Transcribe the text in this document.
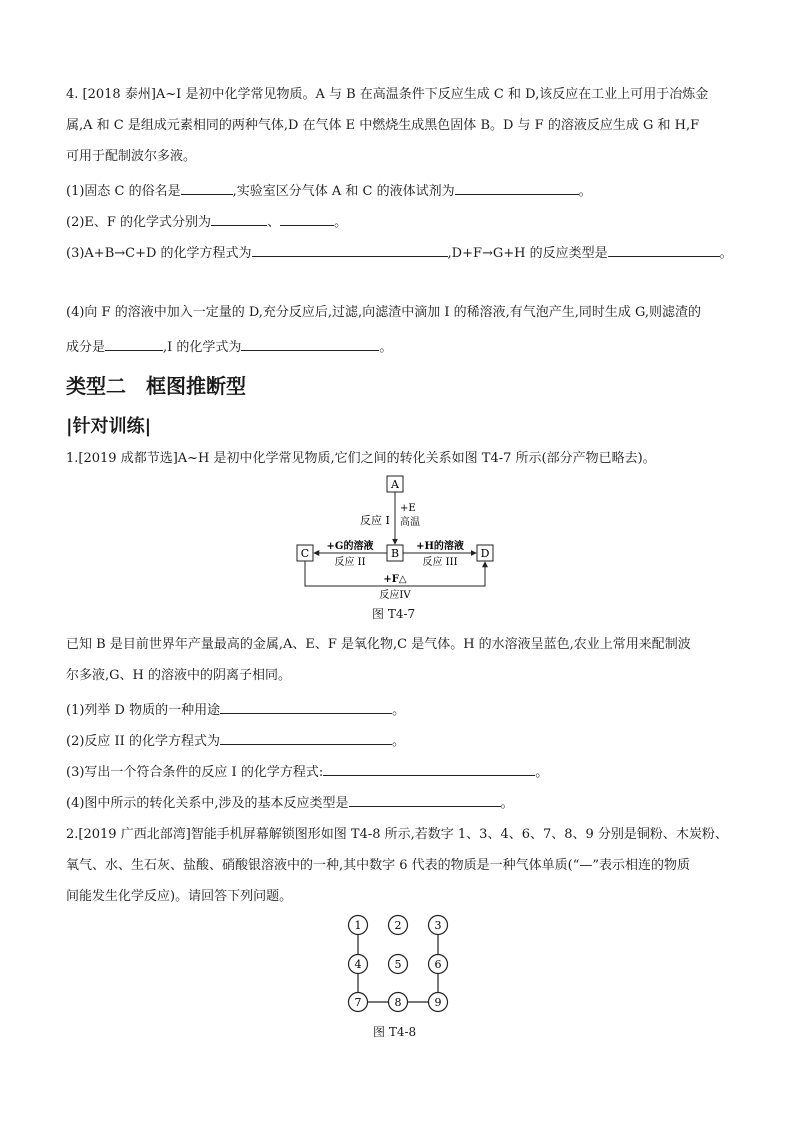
4. [2018 泰州]A~I 是初中化学常见物质。A 与 B 在高温条件下反应生成 C 和 D,该反应在工业上可用于冶炼金
属,A 和 C 是组成元素相同的两种气体,D 在气体 E 中燃烧生成黑色固体 B。D 与 F 的溶液反应生成 G 和 H,F
可用于配制波尔多液。
(1)固态 C 的俗名是	,实验室区分气体 A 和 C 的液体试剂为	。
(2)E、F 的化学式分别为	、	。
(3)A+B→C+D 的化学方程式为	,D+F→G+H 的反应类型是	。
(4)向 F 的溶液中加入一定量的 D,充分反应后,过滤,向滤渣中滴加 I 的稀溶液,有气泡产生,同时生成 G,则滤渣的
成分是	,I 的化学式为	。
类型二　框图推断型
|针对训练|
1.[2019 成都节选]A~H 是初中化学常见物质,它们之间的转化关系如图 T4-7 所示(部分产物已略去)。
A
B
C	D
+E
高温
反应 I
+G的溶液
反应 II
+H的溶液
反应 III
+F△
反应IV
图 T4-7
已知 B 是目前世界年产量最高的金属,A、E、F 是氧化物,C 是气体。H 的水溶液呈蓝色,农业上常用来配制波
尔多液,G、H 的溶液中的阴离子相同。
(1)列举 D 物质的一种用途	。
(2)反应 II 的化学方程式为	。
(3)写出一个符合条件的反应 I 的化学方程式:	。
(4)图中所示的转化关系中,涉及的基本反应类型是	。
2.[2019 广西北部湾]智能手机屏幕解锁图形如图 T4-8 所示,若数字 1、3、4、6、7、8、9 分别是铜粉、木炭粉、
氧气、水、生石灰、盐酸、硝酸银溶液中的一种,其中数字 6 代表的物质是一种气体单质(“—”表示相连的物质
间能发生化学反应)。请回答下列问题。
1	2	3
4	5	6
7	8	9
图 T4-8
